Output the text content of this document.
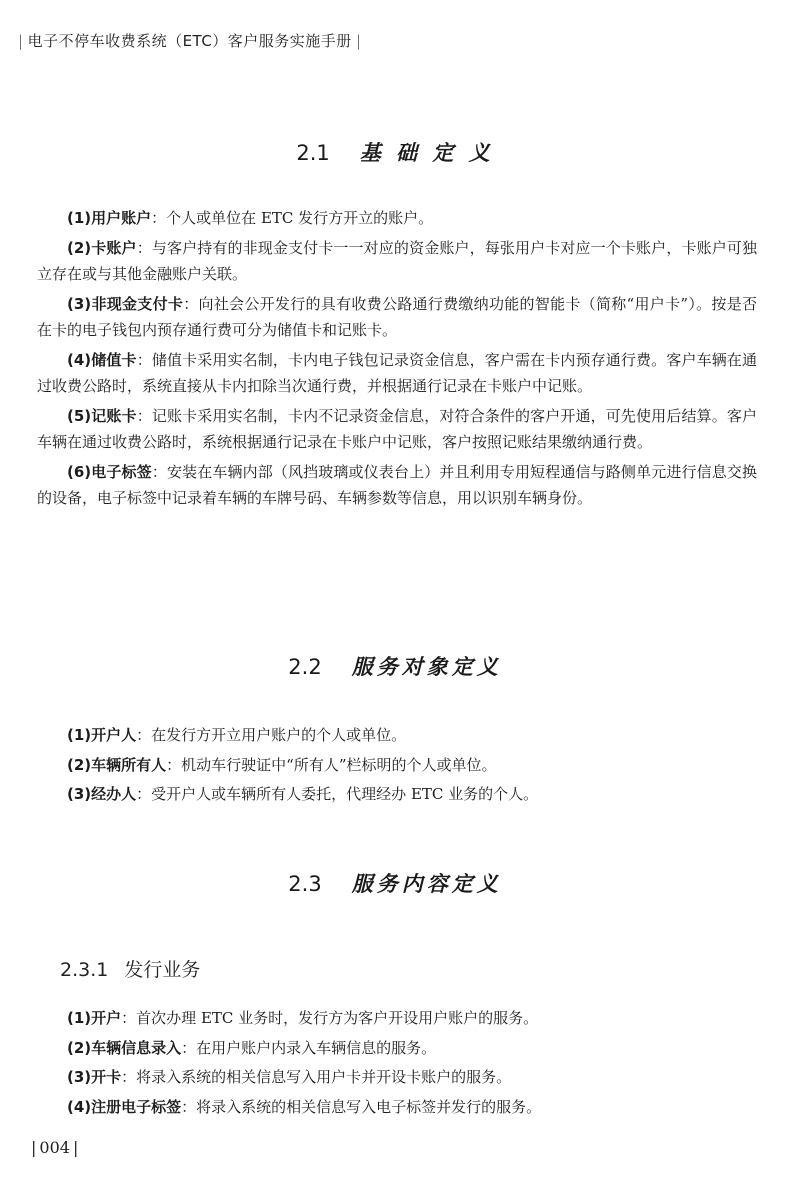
| 电子不停车收费系统（ETC）客户服务实施手册 |
2.1 基 础 定 义

(1)用户账户：个人或单位在 ETC 发行方开立的账户。

(2)卡账户：与客户持有的非现金支付卡一一对应的资金账户，每张用户卡对应一个卡账户，卡账户可独立存在或与其他金融账户关联。

(3)非现金支付卡：向社会公开发行的具有收费公路通行费缴纳功能的智能卡（简称“用户卡”）。按是否在卡的电子钱包内预存通行费可分为储值卡和记账卡。

(4)储值卡：储值卡采用实名制，卡内电子钱包记录资金信息，客户需在卡内预存通行费。客户车辆在通过收费公路时，系统直接从卡内扣除当次通行费，并根据通行记录在卡账户中记账。

(5)记账卡：记账卡采用实名制，卡内不记录资金信息，对符合条件的客户开通，可先使用后结算。客户车辆在通过收费公路时，系统根据通行记录在卡账户中记账，客户按照记账结果缴纳通行费。

(6)电子标签：安装在车辆内部（风挡玻璃或仪表台上）并且利用专用短程通信与路侧单元进行信息交换的设备，电子标签中记录着车辆的车牌号码、车辆参数等信息，用以识别车辆身份。

2.2 服务对象定义

(1)开户人：在发行方开立用户账户的个人或单位。

(2)车辆所有人：机动车行驶证中“所有人”栏标明的个人或单位。

(3)经办人：受开户人或车辆所有人委托，代理经办 ETC 业务的个人。

2.3 服务内容定义
2.3.1 发行业务

(1)开户：首次办理 ETC 业务时，发行方为客户开设用户账户的服务。

(2)车辆信息录入：在用户账户内录入车辆信息的服务。

(3)开卡：将录入系统的相关信息写入用户卡并开设卡账户的服务。

(4)注册电子标签：将录入系统的相关信息写入电子标签并发行的服务。

| 004 |
